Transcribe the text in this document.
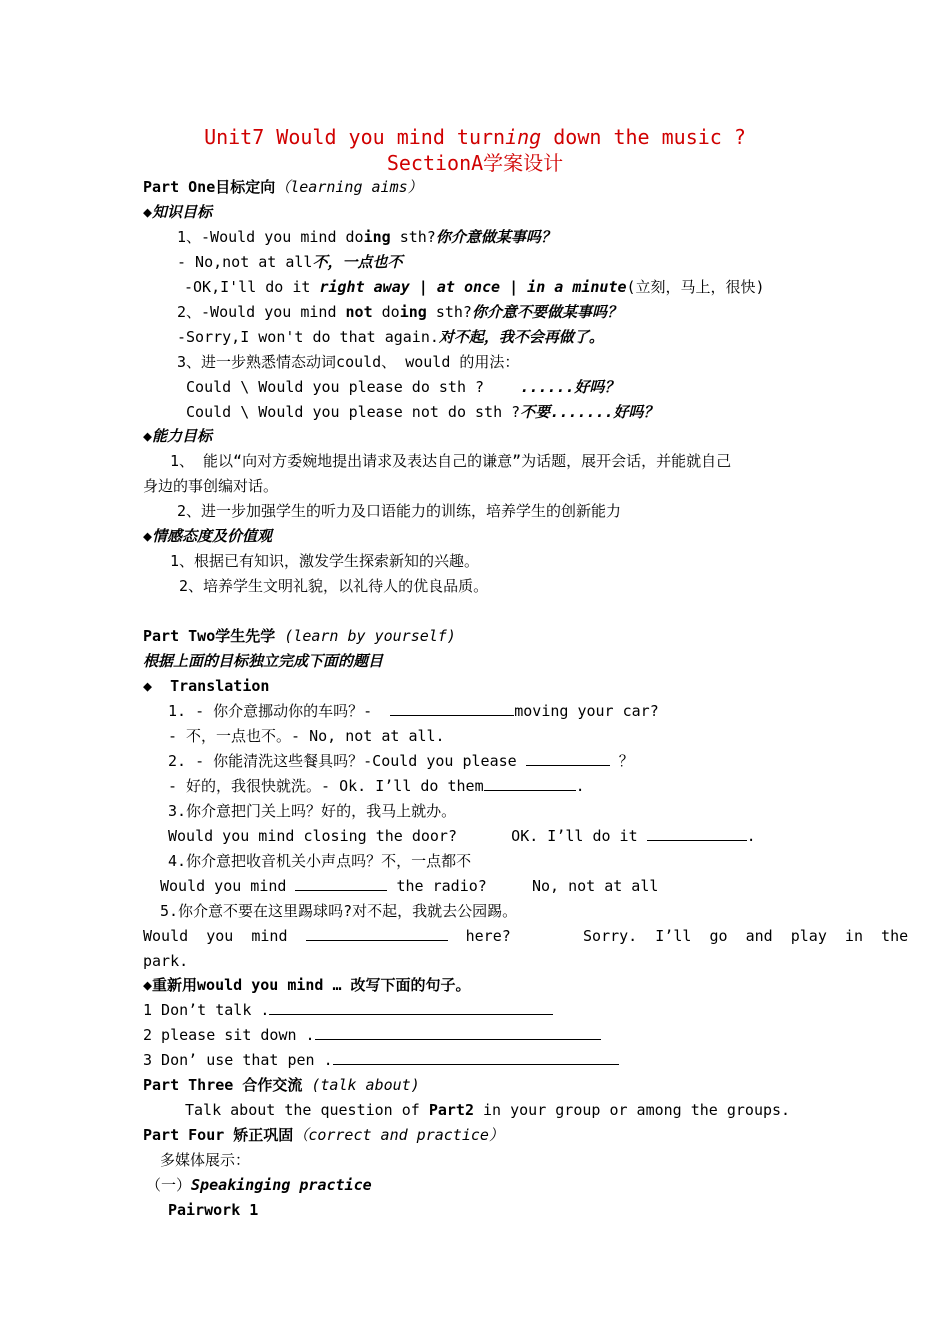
Unit7 Would you mind turning down the music ?
SectionA学案设计
Part One目标定向（learning aims）
◆知识目标
1、-Would you mind doing sth?你介意做某事吗？
- No,not at all不，一点也不
-OK,I'll do it right away | at once | in a minute(立刻，马上，很快)
2、-Would you mind not doing sth?你介意不要做某事吗？
-Sorry,I won't do that again.对不起，我不会再做了。
3、进一步熟悉情态动词could、 would 的用法：
Could \ Would you please do sth ?    ......好吗？
Could \ Would you please not do sth ?不要.......好吗？
◆能力目标
1、 能以“向对方委婉地提出请求及表达自己的谦意”为话题，展开会话，并能就自己
身边的事创编对话。
2、进一步加强学生的听力及口语能力的训练，培养学生的创新能力
◆情感态度及价值观
1、根据已有知识，激发学生探索新知的兴趣。
2、培养学生文明礼貌，以礼待人的优良品质。
Part Two学生先学 (learn by yourself)
根据上面的目标独立完成下面的题目
◆  Translation
1. - 你介意挪动你的车吗？-	moving your car?
- 不，一点也不。- No, not at all.
2. - 你能清洗这些餐具吗？-Could you please	？
- 好的，我很快就洗。- Ok. I’ll do them	.
3.你介意把门关上吗？好的，我马上就办。
Would you mind closing the door?      OK. I’ll do it	.
4.你介意把收音机关小声点吗？不，一点都不
Would you mind	the radio?     No, not at all
5.你介意不要在这里踢球吗?对不起，我就去公园踢。
Would  you  mind	here?        Sorry.  I’ll  go  and  play  in  the
park.
◆重新用would you mind … 改写下面的句子。
1 Don’t talk .
2 please sit down .
3 Don’ use that pen .
Part Three 合作交流 (talk about)
Talk about the question of Part2 in your group or among the groups.
Part Four 矫正巩固（correct and practice）
多媒体展示：
（一）Speakinging practice
Pairwork 1
